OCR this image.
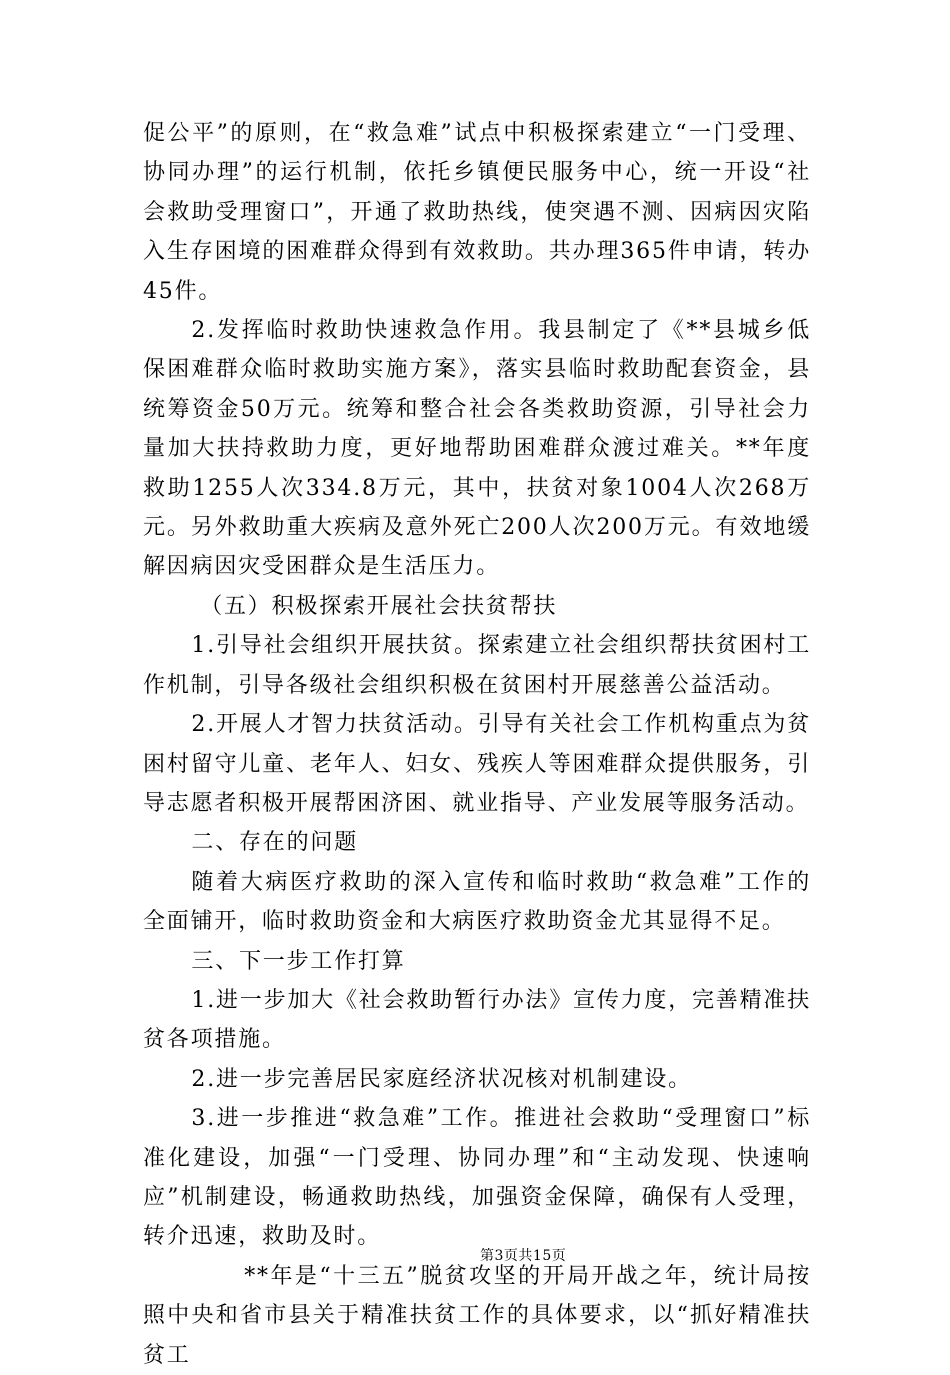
促公平”的原则，在“救急难”试点中积极探索建立“一门受理、协同办理”的运行机制，依托乡镇便民服务中心，统一开设“社会救助受理窗口”，开通了救助热线，使突遇不测、因病因灾陷入生存困境的困难群众得到有效救助。共办理365件申请，转办45件。

2.发挥临时救助快速救急作用。我县制定了《**县城乡低保困难群众临时救助实施方案》，落实县临时救助配套资金，县统筹资金50万元。统筹和整合社会各类救助资源，引导社会力量加大扶持救助力度，更好地帮助困难群众渡过难关。**年度救助1255人次334.8万元，其中，扶贫对象1004人次268万元。另外救助重大疾病及意外死亡200人次200万元。有效地缓解因病因灾受困群众是生活压力。

（五）积极探索开展社会扶贫帮扶

1.引导社会组织开展扶贫。探索建立社会组织帮扶贫困村工作机制，引导各级社会组织积极在贫困村开展慈善公益活动。

2.开展人才智力扶贫活动。引导有关社会工作机构重点为贫困村留守儿童、老年人、妇女、残疾人等困难群众提供服务，引导志愿者积极开展帮困济困、就业指导、产业发展等服务活动。

二、存在的问题

随着大病医疗救助的深入宣传和临时救助“救急难”工作的全面铺开，临时救助资金和大病医疗救助资金尤其显得不足。

三、下一步工作打算

1.进一步加大《社会救助暂行办法》宣传力度，完善精准扶贫各项措施。

2.进一步完善居民家庭经济状况核对机制建设。

3.进一步推进“救急难”工作。推进社会救助“受理窗口”标准化建设，加强“一门受理、协同办理”和“主动发现、快速响应”机制建设，畅通救助热线，加强资金保障，确保有人受理，转介迅速，救助及时。

**年是“十三五”脱贫攻坚的开局开战之年，统计局按照中央和省市县关于精准扶贫工作的具体要求，以“抓好精准扶贫工

第3页共15页
